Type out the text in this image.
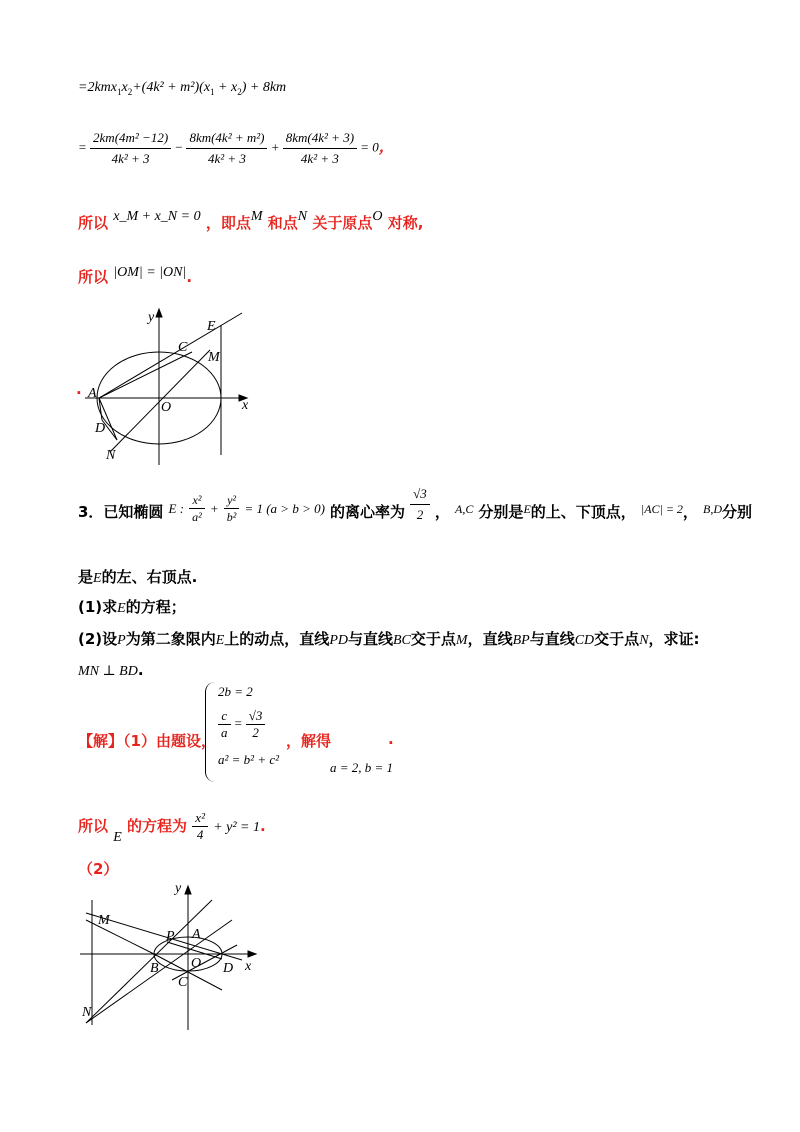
$=2kmx_1x_2+(4k^2 + m^2)(x_1 + x_2) + 8km$
= $\frac{\text{2km(4m² −12)}}{\text{4k² + 3}} - \frac{\text{8km(4k² + m²)}}{\text{4k² + 3}} + \frac{\text{8km(4k² + 3)}}{\text{4k² + 3}} = 0$，
所以 x_M + x_N = 0 ，即点M 和点N 关于原点O 对称,
所以 |OM| = |ON|.
.
y
x
E
C
M
A
O
D
N
3．已知椭圆 E : $\frac{\text{x²}}{\text{a²}} + \frac{\text{y²}}{\text{b²}} = 1$ (a > b > 0) 的离心率为 $\frac{√3}{2}$ ， A,C 分别是E的上、下顶点， |AC| = 2， B,D分别
是E的左、右顶点.
(1)求E的方程；
(2)设P为第二象限内E上的动点，直线PD与直线BC交于点M，直线BP与直线CD交于点N，求证:
MN ⊥ BD.
【解】（1）由题设，
2b = 2
$\frac{c}{a} = \frac{√3}{2}$
a² = b² + c²
，解得
a = 2, b = 1
.
所以 E 的方程为 $\frac{\text{x²}}{4} + y^2 = 1$.
（2）
y
x
M
P A
B O D
C
N
